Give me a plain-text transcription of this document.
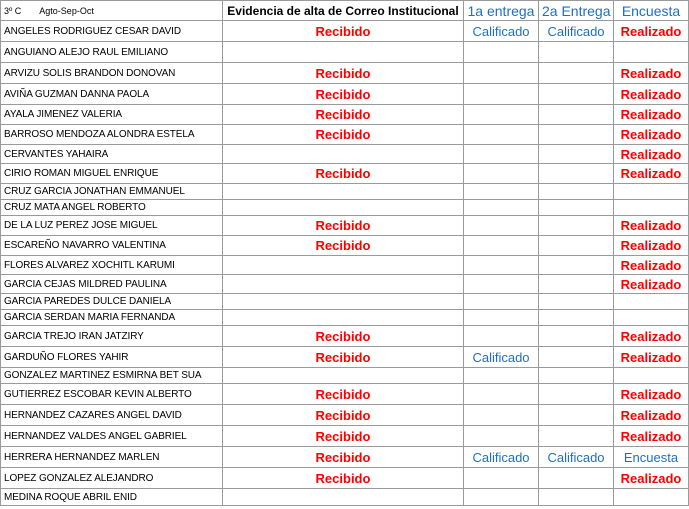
3º C Agto-Sep-Oct	Evidencia de alta de Correo Institucional	1a entrega	2a Entrega	Encuesta
ANGELES RODRIGUEZ CESAR DAVID	Recibido	Calificado	Calificado	Realizado
ANGUIANO ALEJO RAUL EMILIANO				
ARVIZU SOLIS BRANDON DONOVAN	Recibido			Realizado
AVIÑA GUZMAN DANNA PAOLA	Recibido			Realizado
AYALA JIMENEZ VALERIA	Recibido			Realizado
BARROSO MENDOZA ALONDRA ESTELA	Recibido			Realizado
CERVANTES YAHAIRA				Realizado
CIRIO ROMAN MIGUEL ENRIQUE	Recibido			Realizado
CRUZ GARCIA JONATHAN EMMANUEL				
CRUZ MATA ANGEL ROBERTO				
DE LA LUZ PEREZ JOSE MIGUEL	Recibido			Realizado
ESCAREÑO NAVARRO VALENTINA	Recibido			Realizado
FLORES ALVAREZ XOCHITL KARUMI				Realizado
GARCIA CEJAS MILDRED PAULINA				Realizado
GARCIA PAREDES DULCE DANIELA				
GARCIA SERDAN MARIA FERNANDA				
GARCIA TREJO IRAN JATZIRY	Recibido			Realizado
GARDUÑO FLORES YAHIR	Recibido	Calificado		Realizado
GONZALEZ MARTINEZ ESMIRNA BET SUA				
GUTIERREZ ESCOBAR KEVIN ALBERTO	Recibido			Realizado
HERNANDEZ CAZARES ANGEL DAVID	Recibido			Realizado
HERNANDEZ VALDES ANGEL GABRIEL	Recibido			Realizado
HERRERA HERNANDEZ MARLEN	Recibido	Calificado	Calificado	Encuesta
LOPEZ GONZALEZ ALEJANDRO	Recibido			Realizado
MEDINA ROQUE ABRIL ENID				
